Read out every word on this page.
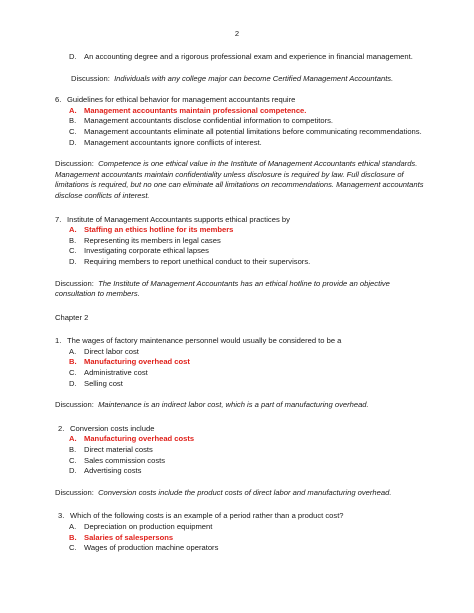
2
D. An accounting degree and a rigorous professional exam and experience in financial management.

Discussion: Individuals with any college major can become Certified Management Accountants.

6. Guidelines for ethical behavior for management accountants require
A. Management accountants maintain professional competence.
B.	Management accountants disclose confidential information to competitors.
C. Management accountants eliminate all potential limitations before communicating recommendations.
D. Management accountants ignore conflicts of interest.

Discussion: Competence is one ethical value in the Institute of Management Accountants ethical standards. Management accountants maintain confidentiality unless disclosure is required by law. Full disclosure of limitations is required, but no one can eliminate all limitations on recommendations. Management accountants disclose conflicts of interest.

7. Institute of Management Accountants supports ethical practices by
A. Staffing an ethics hotline for its members
B.	Representing its members in legal cases
C. Investigating corporate ethical lapses
D. Requiring members to report unethical conduct to their supervisors.

Discussion: The Institute of Management Accountants has an ethical hotline to provide an objective consultation to members.

Chapter 2

1. The wages of factory maintenance personnel would usually be considered to be a
A.	Direct labor cost
B. Manufacturing overhead cost
C. Administrative cost
D. Selling cost

Discussion: Maintenance is an indirect labor cost, which is a part of manufacturing overhead.

2. Conversion costs include
A. Manufacturing overhead costs
B.	Direct material costs
C. Sales commission costs
D. Advertising costs

Discussion: Conversion costs include the product costs of direct labor and manufacturing overhead.

3. Which of the following costs is an example of a period rather than a product cost?
A.	Depreciation on production equipment
B. Salaries of salespersons
C. Wages of production machine operators
